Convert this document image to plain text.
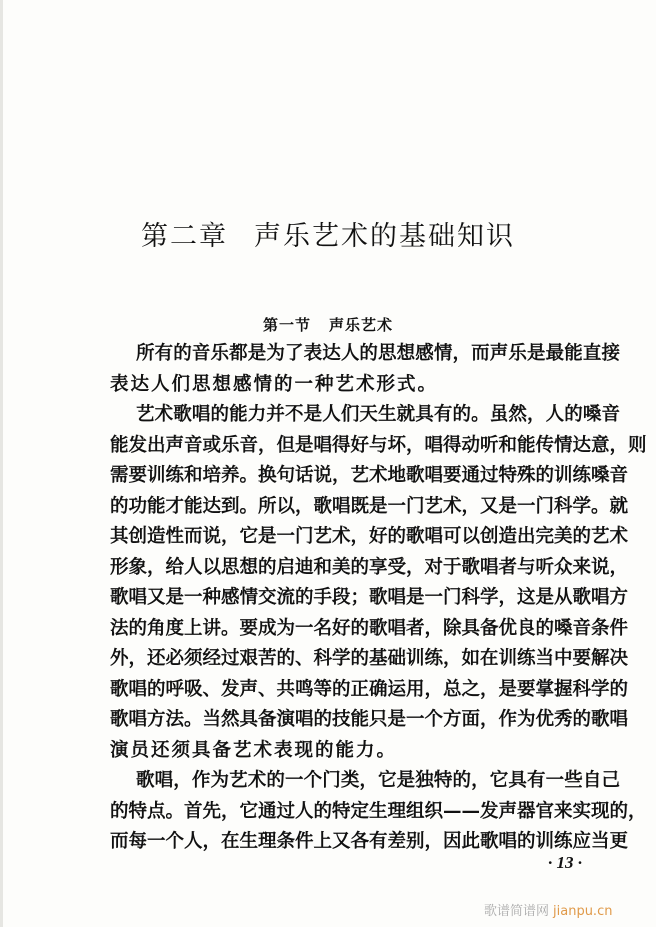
第二章 声乐艺术的基础知识
第一节 声乐艺术
所有的音乐都是为了表达人的思想感情，而声乐是最能直接
表达人们思想感情的一种艺术形式。
艺术歌唱的能力并不是人们天生就具有的。虽然，人的嗓音
能发出声音或乐音，但是唱得好与坏，唱得动听和能传情达意，则
需要训练和培养。换句话说，艺术地歌唱要通过特殊的训练嗓音
的功能才能达到。所以，歌唱既是一门艺术，又是一门科学。就
其创造性而说，它是一门艺术，好的歌唱可以创造出完美的艺术
形象，给人以思想的启迪和美的享受，对于歌唱者与听众来说，
歌唱又是一种感情交流的手段；歌唱是一门科学，这是从歌唱方
法的角度上讲。要成为一名好的歌唱者，除具备优良的嗓音条件
外，还必须经过艰苦的、科学的基础训练，如在训练当中要解决
歌唱的呼吸、发声、共鸣等的正确运用，总之，是要掌握科学的
歌唱方法。当然具备演唱的技能只是一个方面，作为优秀的歌唱
演员还须具备艺术表现的能力。
歌唱，作为艺术的一个门类，它是独特的，它具有一些自己
的特点。首先，它通过人的特定生理组织——发声器官来实现的，
而每一个人，在生理条件上又各有差别，因此歌唱的训练应当更
· 13 ·
歌谱简谱网 jianpu.cn
